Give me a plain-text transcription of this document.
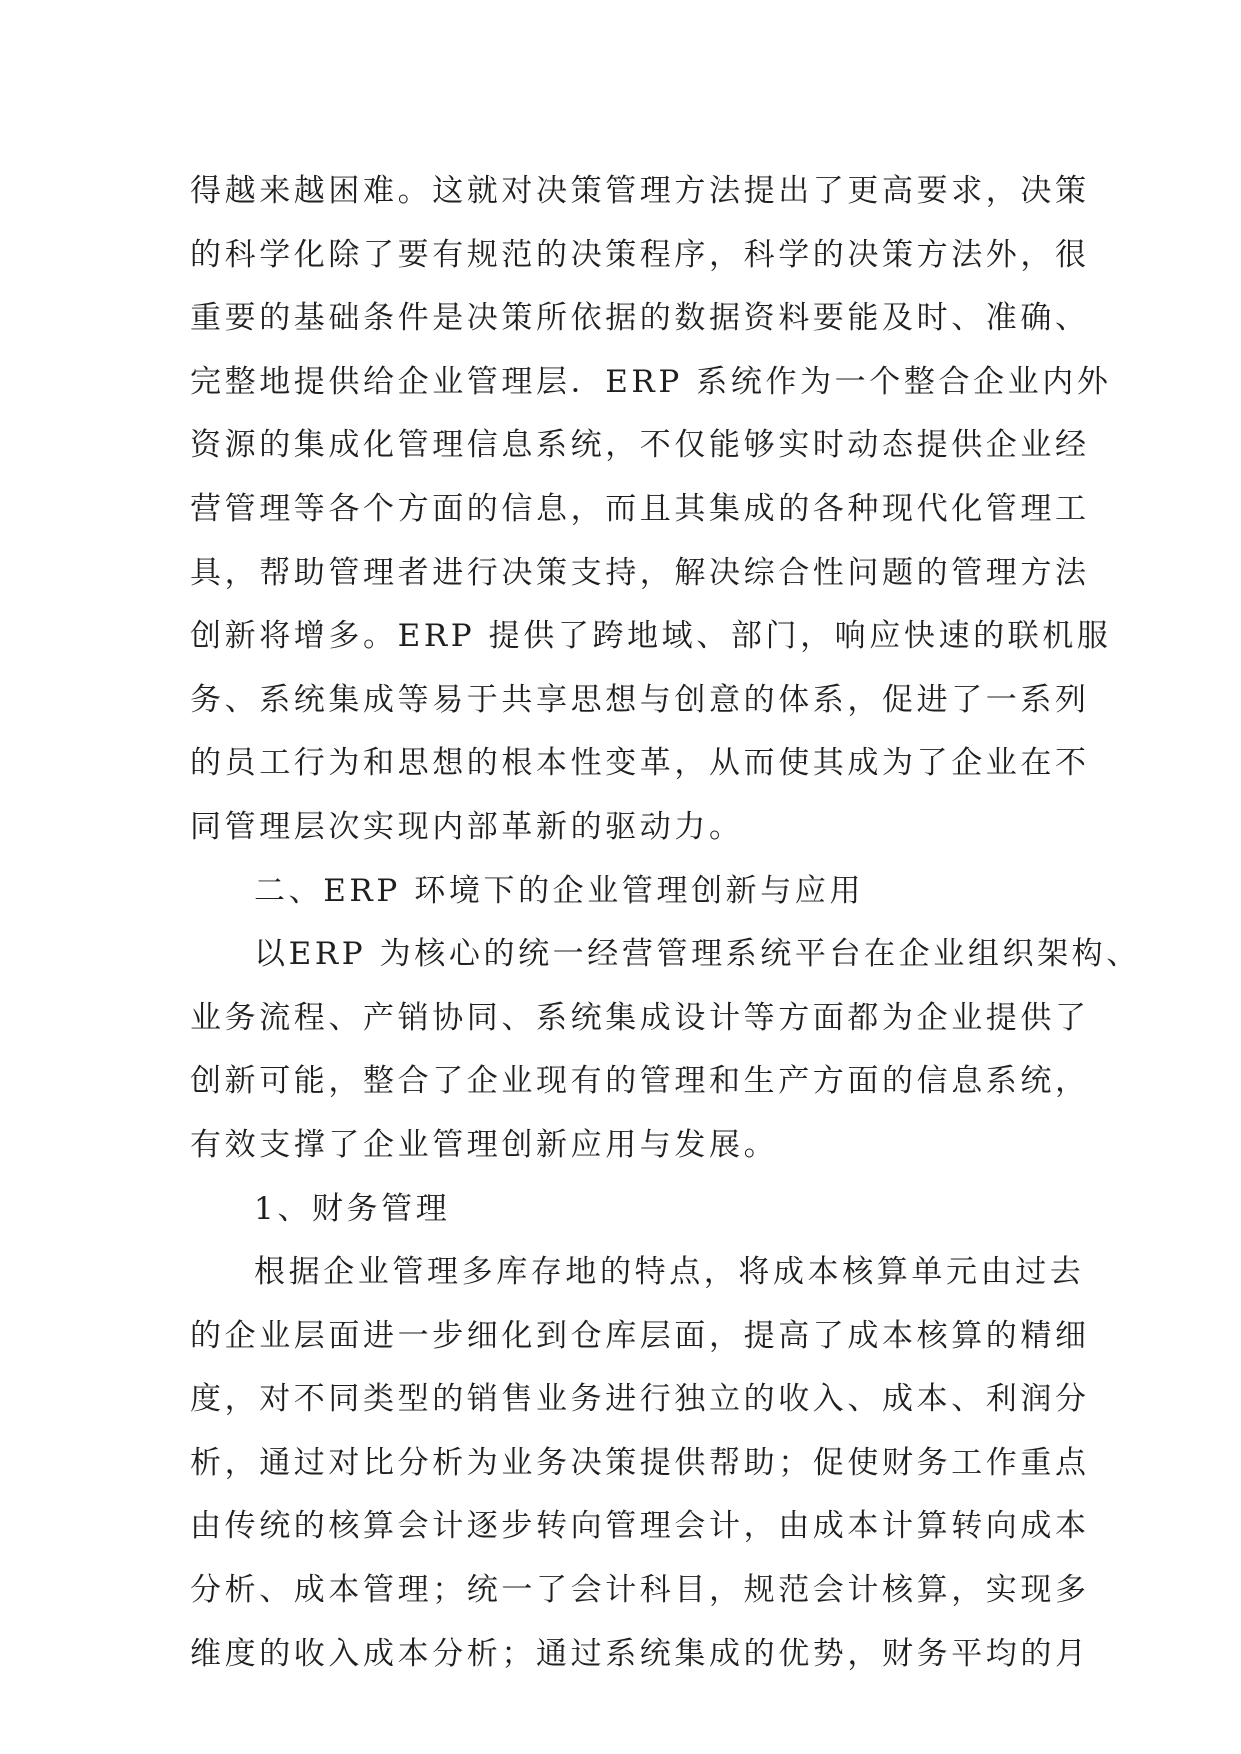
得越来越困难。这就对决策管理方法提出了更高要求，决策
的科学化除了要有规范的决策程序，科学的决策方法外，很
重要的基础条件是决策所依据的数据资料要能及时、准确、
完整地提供给企业管理层．ERP 系统作为一个整合企业内外
资源的集成化管理信息系统，不仅能够实时动态提供企业经
营管理等各个方面的信息，而且其集成的各种现代化管理工
具，帮助管理者进行决策支持，解决综合性问题的管理方法
创新将增多。ERP 提供了跨地域、部门，响应快速的联机服
务、系统集成等易于共享思想与创意的体系，促进了一系列
的员工行为和思想的根本性变革，从而使其成为了企业在不
同管理层次实现内部革新的驱动力。
二、ERP 环境下的企业管理创新与应用
以ERP 为核心的统一经营管理系统平台在企业组织架构、
业务流程、产销协同、系统集成设计等方面都为企业提供了
创新可能，整合了企业现有的管理和生产方面的信息系统，
有效支撑了企业管理创新应用与发展。
1、财务管理
根据企业管理多库存地的特点，将成本核算单元由过去
的企业层面进一步细化到仓库层面，提高了成本核算的精细
度，对不同类型的销售业务进行独立的收入、成本、利润分
析，通过对比分析为业务决策提供帮助；促使财务工作重点
由传统的核算会计逐步转向管理会计，由成本计算转向成本
分析、成本管理；统一了会计科目，规范会计核算，实现多
维度的收入成本分析；通过系统集成的优势，财务平均的月
